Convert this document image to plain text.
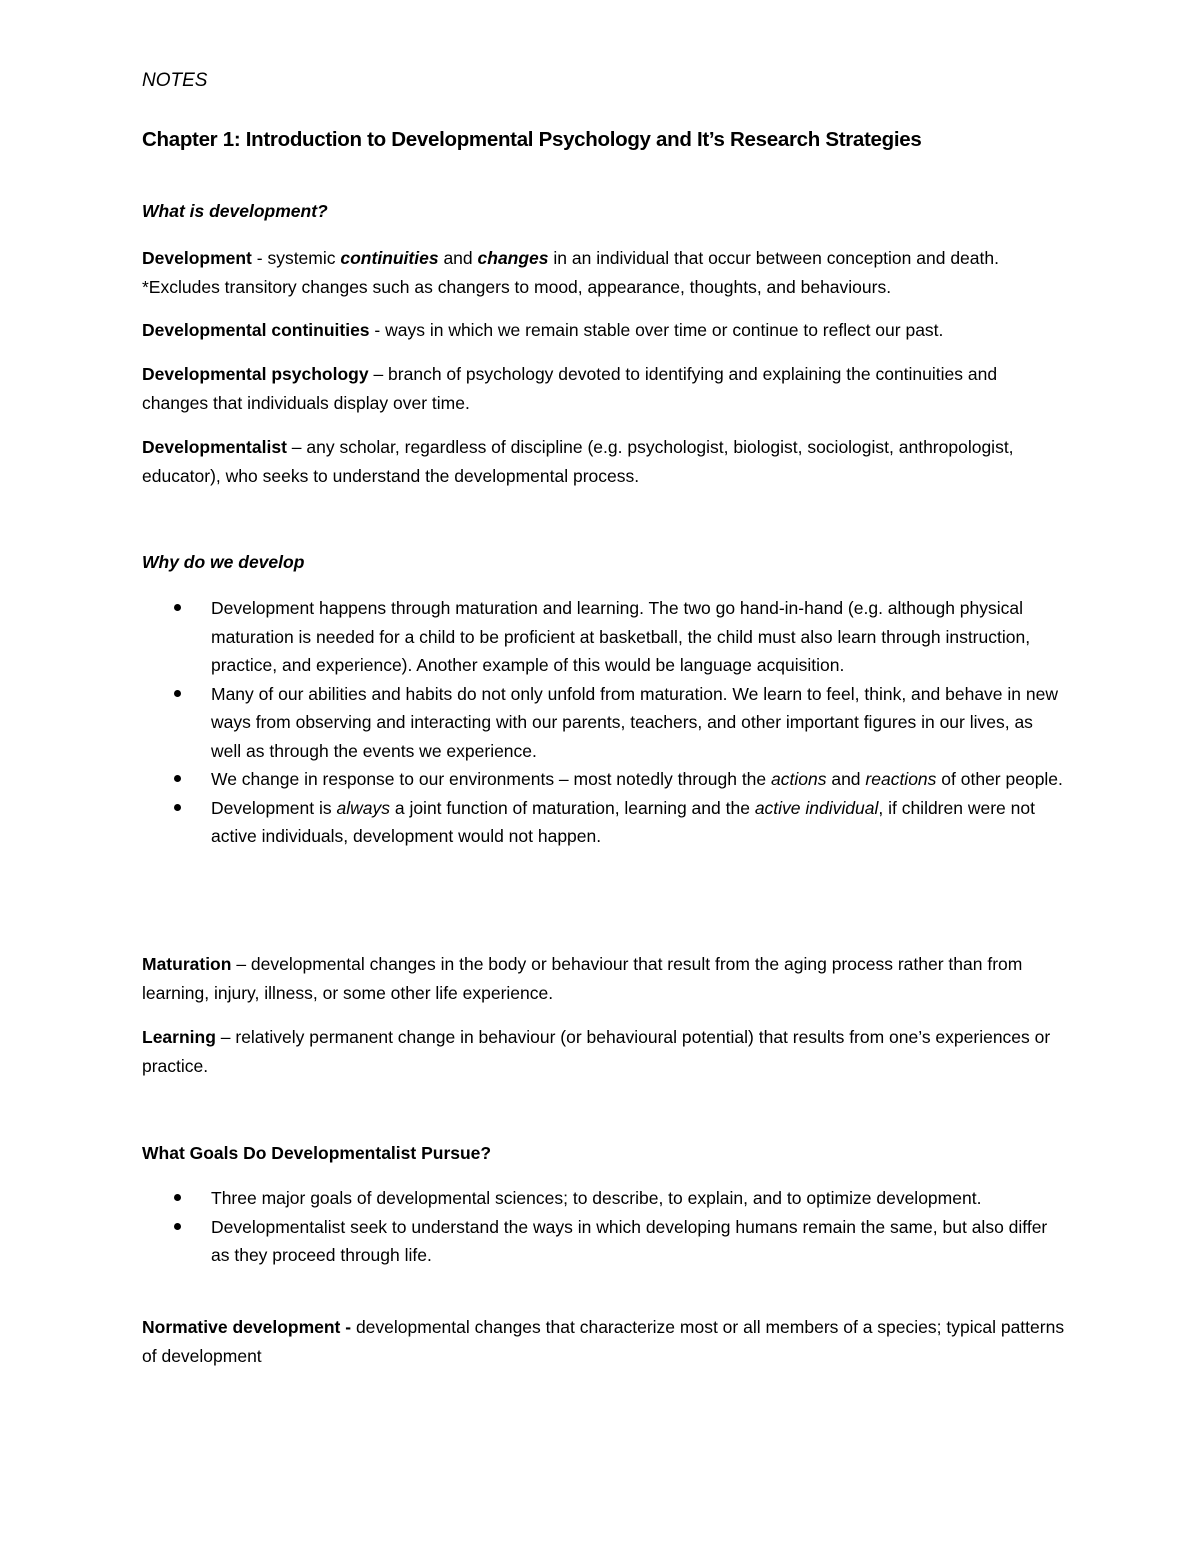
NOTES

Chapter 1: Introduction to Developmental Psychology and It’s Research Strategies

What is development?

Development - systemic continuities and changes in an individual that occur between conception and death. *Excludes transitory changes such as changers to mood, appearance, thoughts, and behaviours.

Developmental continuities - ways in which we remain stable over time or continue to reflect our past.

Developmental psychology – branch of psychology devoted to identifying and explaining the continuities and changes that individuals display over time.

Developmentalist – any scholar, regardless of discipline (e.g. psychologist, biologist, sociologist, anthropologist, educator), who seeks to understand the developmental process.

Why do we develop

Development happens through maturation and learning. The two go hand-in-hand (e.g. although physical maturation is needed for a child to be proficient at basketball, the child must also learn through instruction, practice, and experience). Another example of this would be language acquisition.
Many of our abilities and habits do not only unfold from maturation. We learn to feel, think, and behave in new ways from observing and interacting with our parents, teachers, and other important figures in our lives, as well as through the events we experience.
We change in response to our environments – most notedly through the actions and reactions of other people.
Development is always a joint function of maturation, learning and the active individual, if children were not active individuals, development would not happen.

Maturation – developmental changes in the body or behaviour that result from the aging process rather than from learning, injury, illness, or some other life experience.

Learning – relatively permanent change in behaviour (or behavioural potential) that results from one’s experiences or practice.

What Goals Do Developmentalist Pursue?

Three major goals of developmental sciences; to describe, to explain, and to optimize development.
Developmentalist seek to understand the ways in which developing humans remain the same, but also differ as they proceed through life.

Normative development - developmental changes that characterize most or all members of a species; typical patterns of development
